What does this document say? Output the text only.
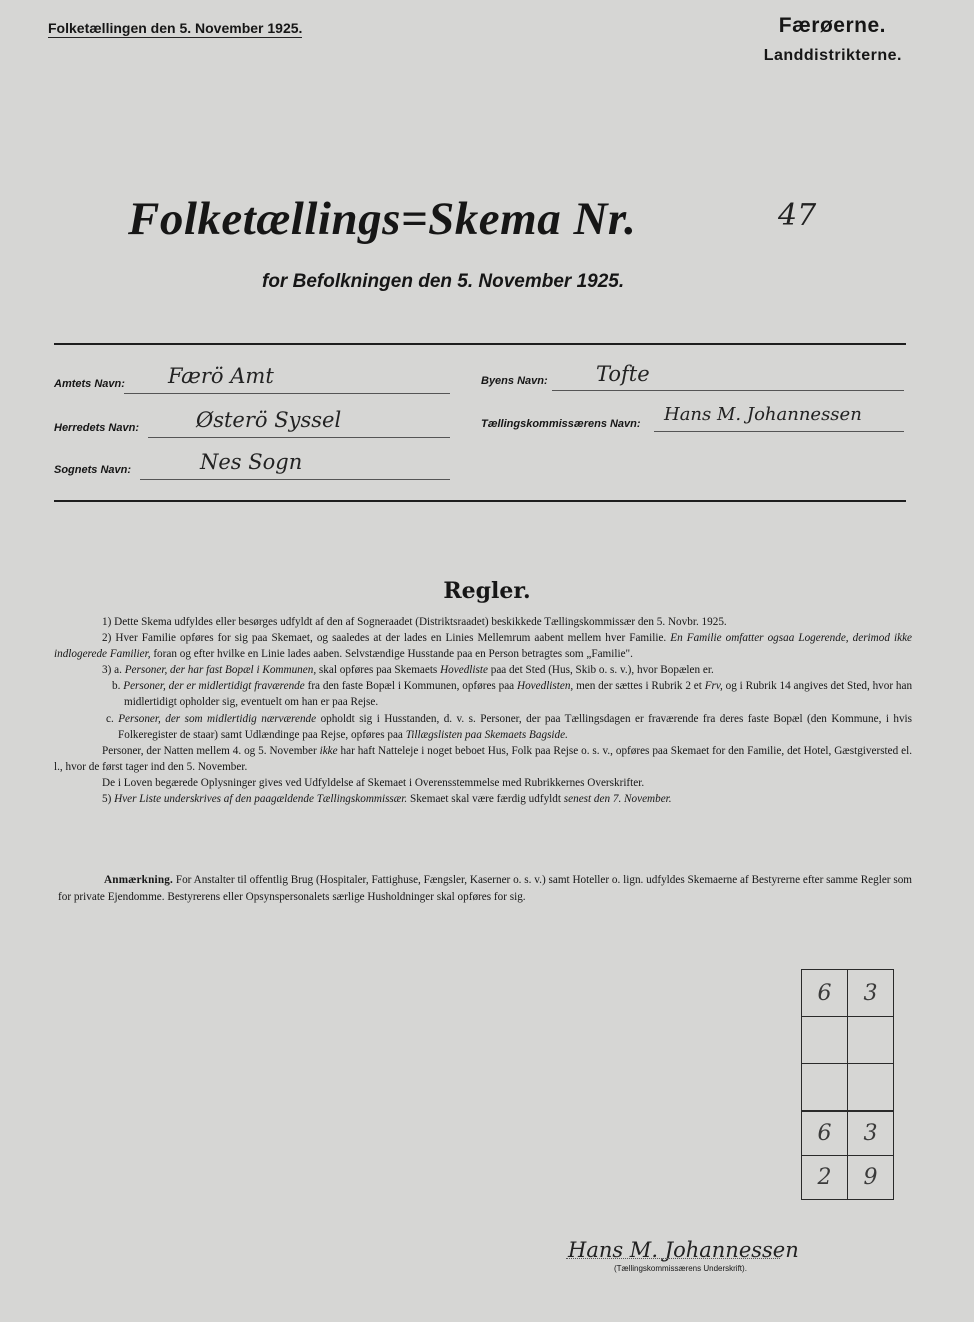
Folketællingen den 5. November 1925.	Færøerne.
Landdistrikterne.
Folketællings=Skema Nr.	47
for Befolkningen den 5. November 1925.
Amtets Navn: Færö Amt
Herredets Navn:	Østerö Syssel
Sognets Navn:	Nes Sogn
Byens Navn: Tofte
Tællingskommissærens Navn: Hans M. Johannessen
Regler.

1) Dette Skema udfyldes eller besørges udfyldt af den af Sogneraadet (Distriktsraadet) beskikkede Tællingskommissær den 5. Novbr. 1925.

2) Hver Familie opføres for sig paa Skemaet, og saaledes at der lades en Linies Mellemrum aabent mellem hver Familie. En Familie omfatter ogsaa Logerende, derimod ikke indlogerede Familier, foran og efter hvilke en Linie lades aaben. Selvstændige Husstande paa en Person betragtes som „Familie".

3) a. Personer, der har fast Bopæl i Kommunen, skal opføres paa Skemaets Hovedliste paa det Sted (Hus, Skib o. s. v.), hvor Bopælen er.

b. Personer, der er midlertidigt fraværende fra den faste Bopæl i Kommunen, opføres paa Hovedlisten, men der sættes i Rubrik 2 et Frv, og i Rubrik 14 angives det Sted, hvor han midlertidigt opholder sig, eventuelt om han er paa Rejse.

c. Personer, der som midlertidig nærværende opholdt sig i Husstanden, d. v. s. Personer, der paa Tællingsdagen er fraværende fra deres faste Bopæl (den Kommune, i hvis Folkeregister de staar) samt Udlændinge paa Rejse, opføres paa Tillægslisten paa Skemaets Bagside.

Personer, der Natten mellem 4. og 5. November ikke har haft Natteleje i noget beboet Hus, Folk paa Rejse o. s. v., opføres paa Skemaet for den Familie, det Hotel, Gæstgiversted el. l., hvor de først tager ind den 5. November.

De i Loven begærede Oplysninger gives ved Udfyldelse af Skemaet i Overensstemmelse med Rubrikkernes Overskrifter.

5) Hver Liste underskrives af den paagældende Tællingskommissær. Skemaet skal være færdig udfyldt senest den 7. November.

Anmærkning. For Anstalter til offentlig Brug (Hospitaler, Fattighuse, Fængsler, Kaserner o. s. v.) samt Hoteller o. lign. udfyldes Skemaerne af Bestyrerne efter samme Regler som for private Ejendomme. Bestyrerens eller Opsynspersonalets særlige Husholdninger skal opføres for sig.
6	3

6	3
2	9
Hans M. Johannessen
(Tællingskommissærens Underskrift).
